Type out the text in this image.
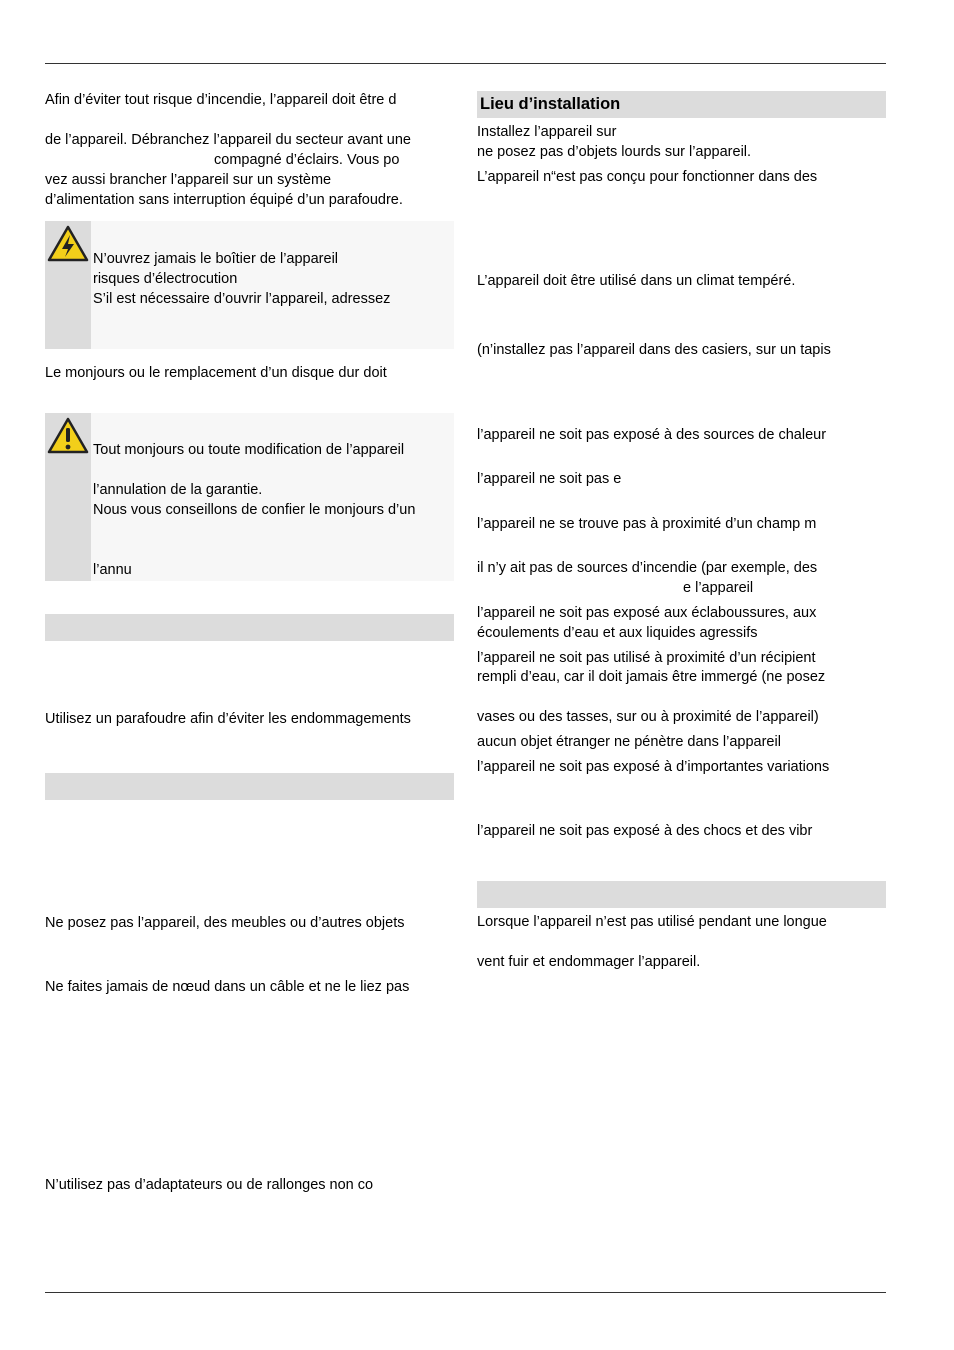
Afin d’éviter tout risque d’incendie, l’appareil doit être d
de l’appareil. Débranchez l’appareil du secteur avant une
compagné d’éclairs. Vous po
vez aussi brancher l’appareil sur un système
d’alimentation sans interruption équipé d’un parafoudre.
N’ouvrez jamais le boîtier de l’appareil
risques d’électrocution
S’il est nécessaire d’ouvrir l’appareil, adressez
Le monjours ou le remplacement d’un disque dur doit
Tout monjours ou toute modification de l’appareil
l’annulation de la garantie.
Nous vous conseillons de confier le monjours d’un
l’annu
Utilisez un parafoudre afin d’éviter les endommagements
Ne posez pas l’appareil, des meubles ou d’autres objets
Ne faites jamais de nœud dans un câble et ne le liez pas
N’utilisez pas d’adaptateurs ou de rallonges non co
Lieu d’installation
Installez l’appareil sur
ne posez pas d’objets lourds sur l’appareil.
L’appareil n“est pas conçu pour fonctionner dans des
L’appareil doit être utilisé dans un climat tempéré.
(n’installez pas l’appareil dans des casiers, sur un tapis
l’appareil ne soit pas exposé à des sources de chaleur
l’appareil ne soit pas e
l’appareil ne se trouve pas à proximité d’un champ m
il n’y ait pas de sources d’incendie (par exemple, des
e l’appareil
l’appareil ne soit pas exposé aux éclaboussures, aux
écoulements d’eau et aux liquides agressifs
l’appareil ne soit pas utilisé à proximité d’un récipient
rempli d’eau, car il doit jamais être immergé (ne posez
vases ou des tasses, sur ou à proximité de l’appareil)
aucun objet étranger ne pénètre dans l’appareil
l’appareil ne soit pas exposé à d’importantes variations
l’appareil ne soit pas exposé à des chocs et des vibr
Lorsque l’appareil n’est pas utilisé pendant une longue
vent fuir et endommager l’appareil.
